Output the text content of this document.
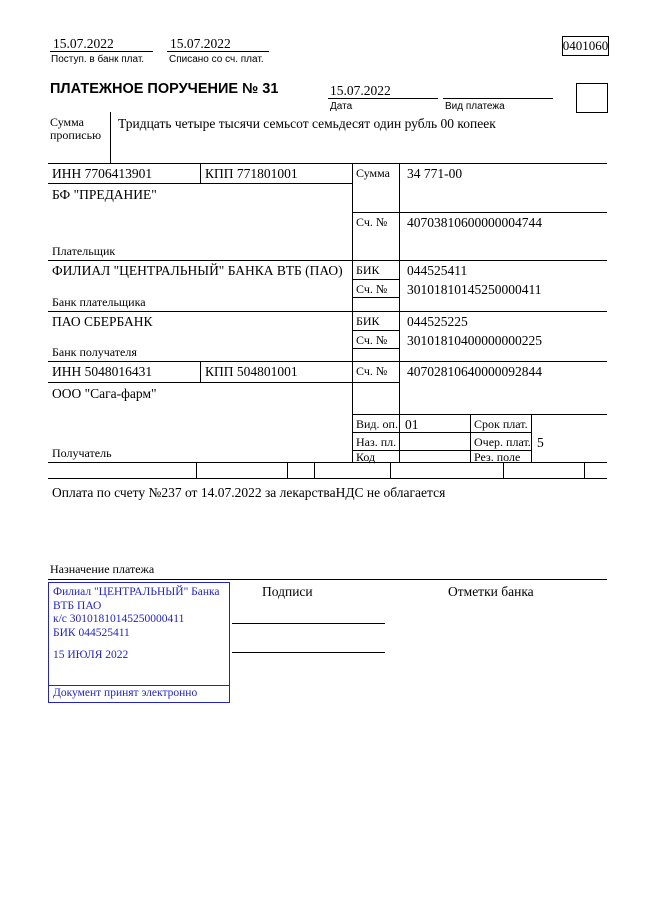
15.07.2022
Поступ. в банк плат.
15.07.2022
Списано со сч. плат.
0401060
ПЛАТЕЖНОЕ ПОРУЧЕНИЕ № 31	15.07.2022
Дата	Вид платежа
Сумма прописью
Тридцать четыре тысячи семьсот семьдесят один рубль 00 копеек
ИНН 7706413901	КПП 771801001	Сумма 34 771-00
БФ "ПРЕДАНИЕ"
Сч. № 40703810600000004744
Плательщик
ФИЛИАЛ "ЦЕНТРАЛЬНЫЙ" БАНКА ВТБ (ПАО) БИК 044525411
Сч. № 30101810145250000411
Банк плательщика
ПАО СБЕРБАНК	БИК 044525225
Сч. № 30101810400000000225
Банк получателя
ИНН 5048016431	КПП 504801001	Сч. № 40702810640000092844
ООО "Сага-фарм"
Получатель
Вид. оп. 01	Срок плат.
Наз. пл.	Очер. плат. 5
Код	Рез. поле
Оплата по счету №237 от 14.07.2022 за лекарстваНДС не облагается
Назначение платежа
Подписи	Отметки банка
Филиал "ЦЕНТРАЛЬНЫЙ" Банка
ВТБ ПАО
к/с 30101810145250000411
БИК 044525411
15 ИЮЛЯ 2022
Документ принят электронно
